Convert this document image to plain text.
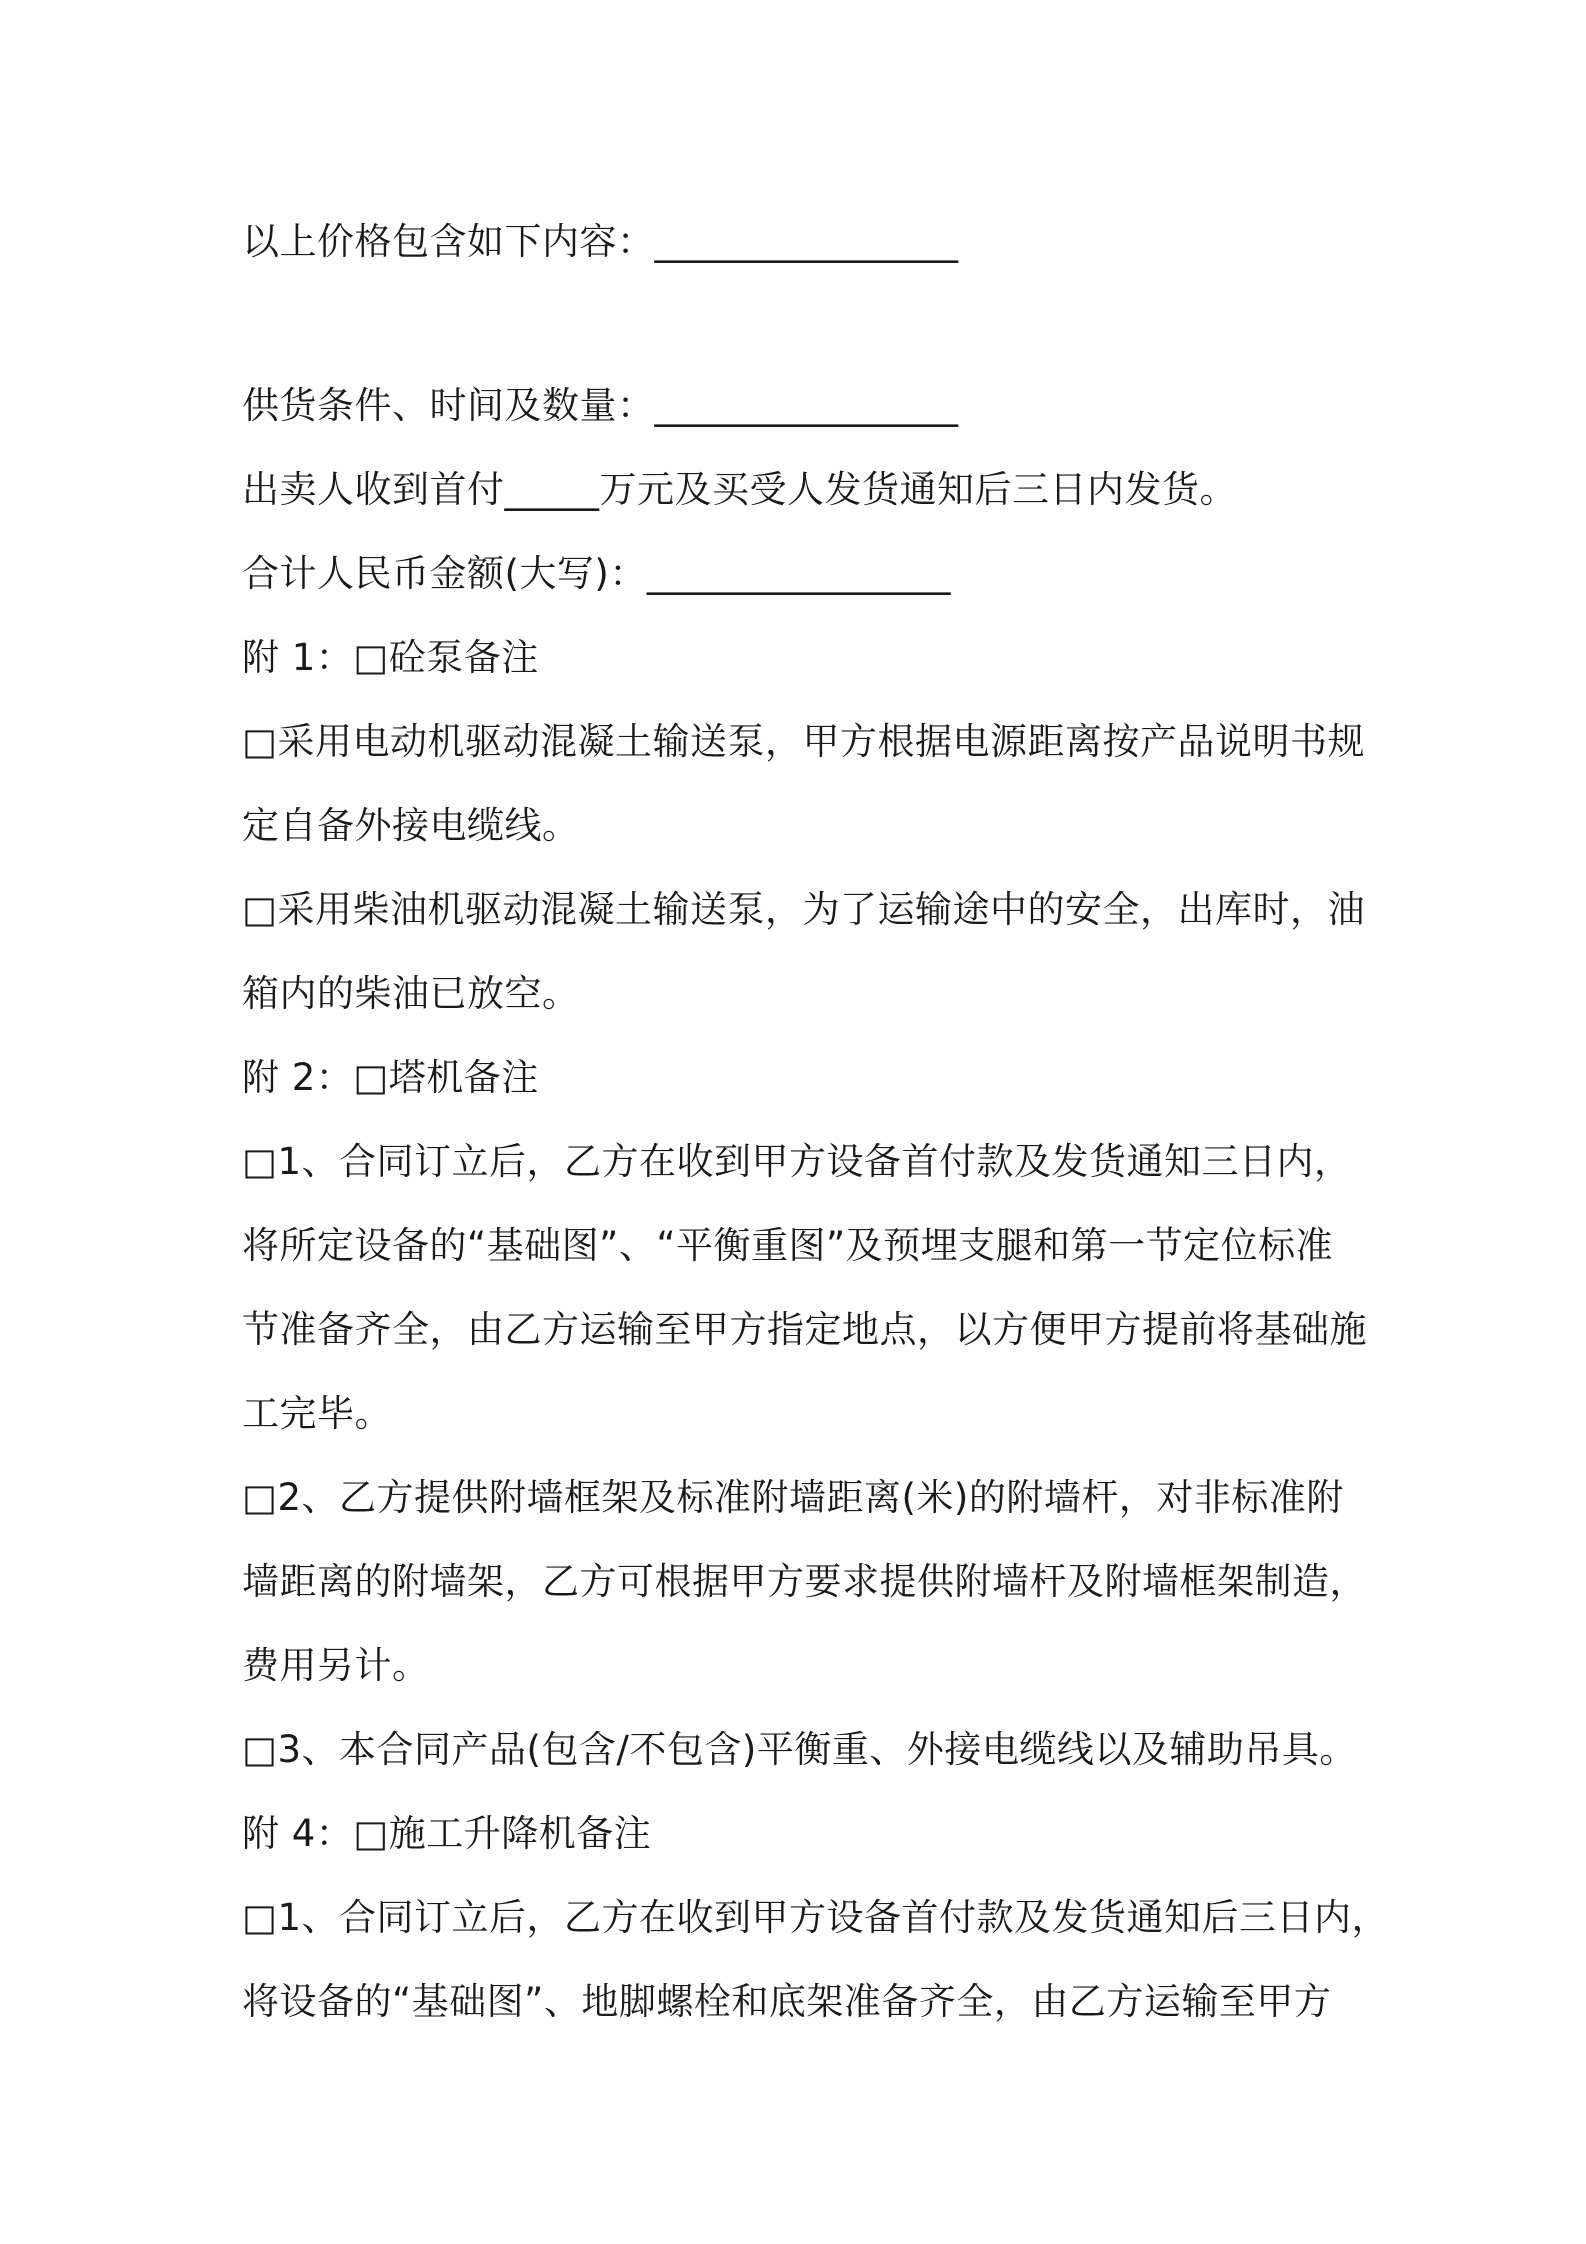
以上价格包含如下内容：________________
供货条件、时间及数量：________________
出卖人收到首付_____万元及买受人发货通知后三日内发货。
合计人民币金额(大写)：________________
附 1：□砼泵备注
□采用电动机驱动混凝土输送泵，甲方根据电源距离按产品说明书规
定自备外接电缆线。
□采用柴油机驱动混凝土输送泵，为了运输途中的安全，出库时，油
箱内的柴油已放空。
附 2：□塔机备注
□1、合同订立后，乙方在收到甲方设备首付款及发货通知三日内，
将所定设备的“基础图”、“平衡重图”及预埋支腿和第一节定位标准
节准备齐全，由乙方运输至甲方指定地点，以方便甲方提前将基础施
工完毕。
□2、乙方提供附墙框架及标准附墙距离(米)的附墙杆，对非标准附
墙距离的附墙架，乙方可根据甲方要求提供附墙杆及附墙框架制造，
费用另计。
□3、本合同产品(包含/不包含)平衡重、外接电缆线以及辅助吊具。
附 4：□施工升降机备注
□1、合同订立后，乙方在收到甲方设备首付款及发货通知后三日内，
将设备的“基础图”、地脚螺栓和底架准备齐全，由乙方运输至甲方
